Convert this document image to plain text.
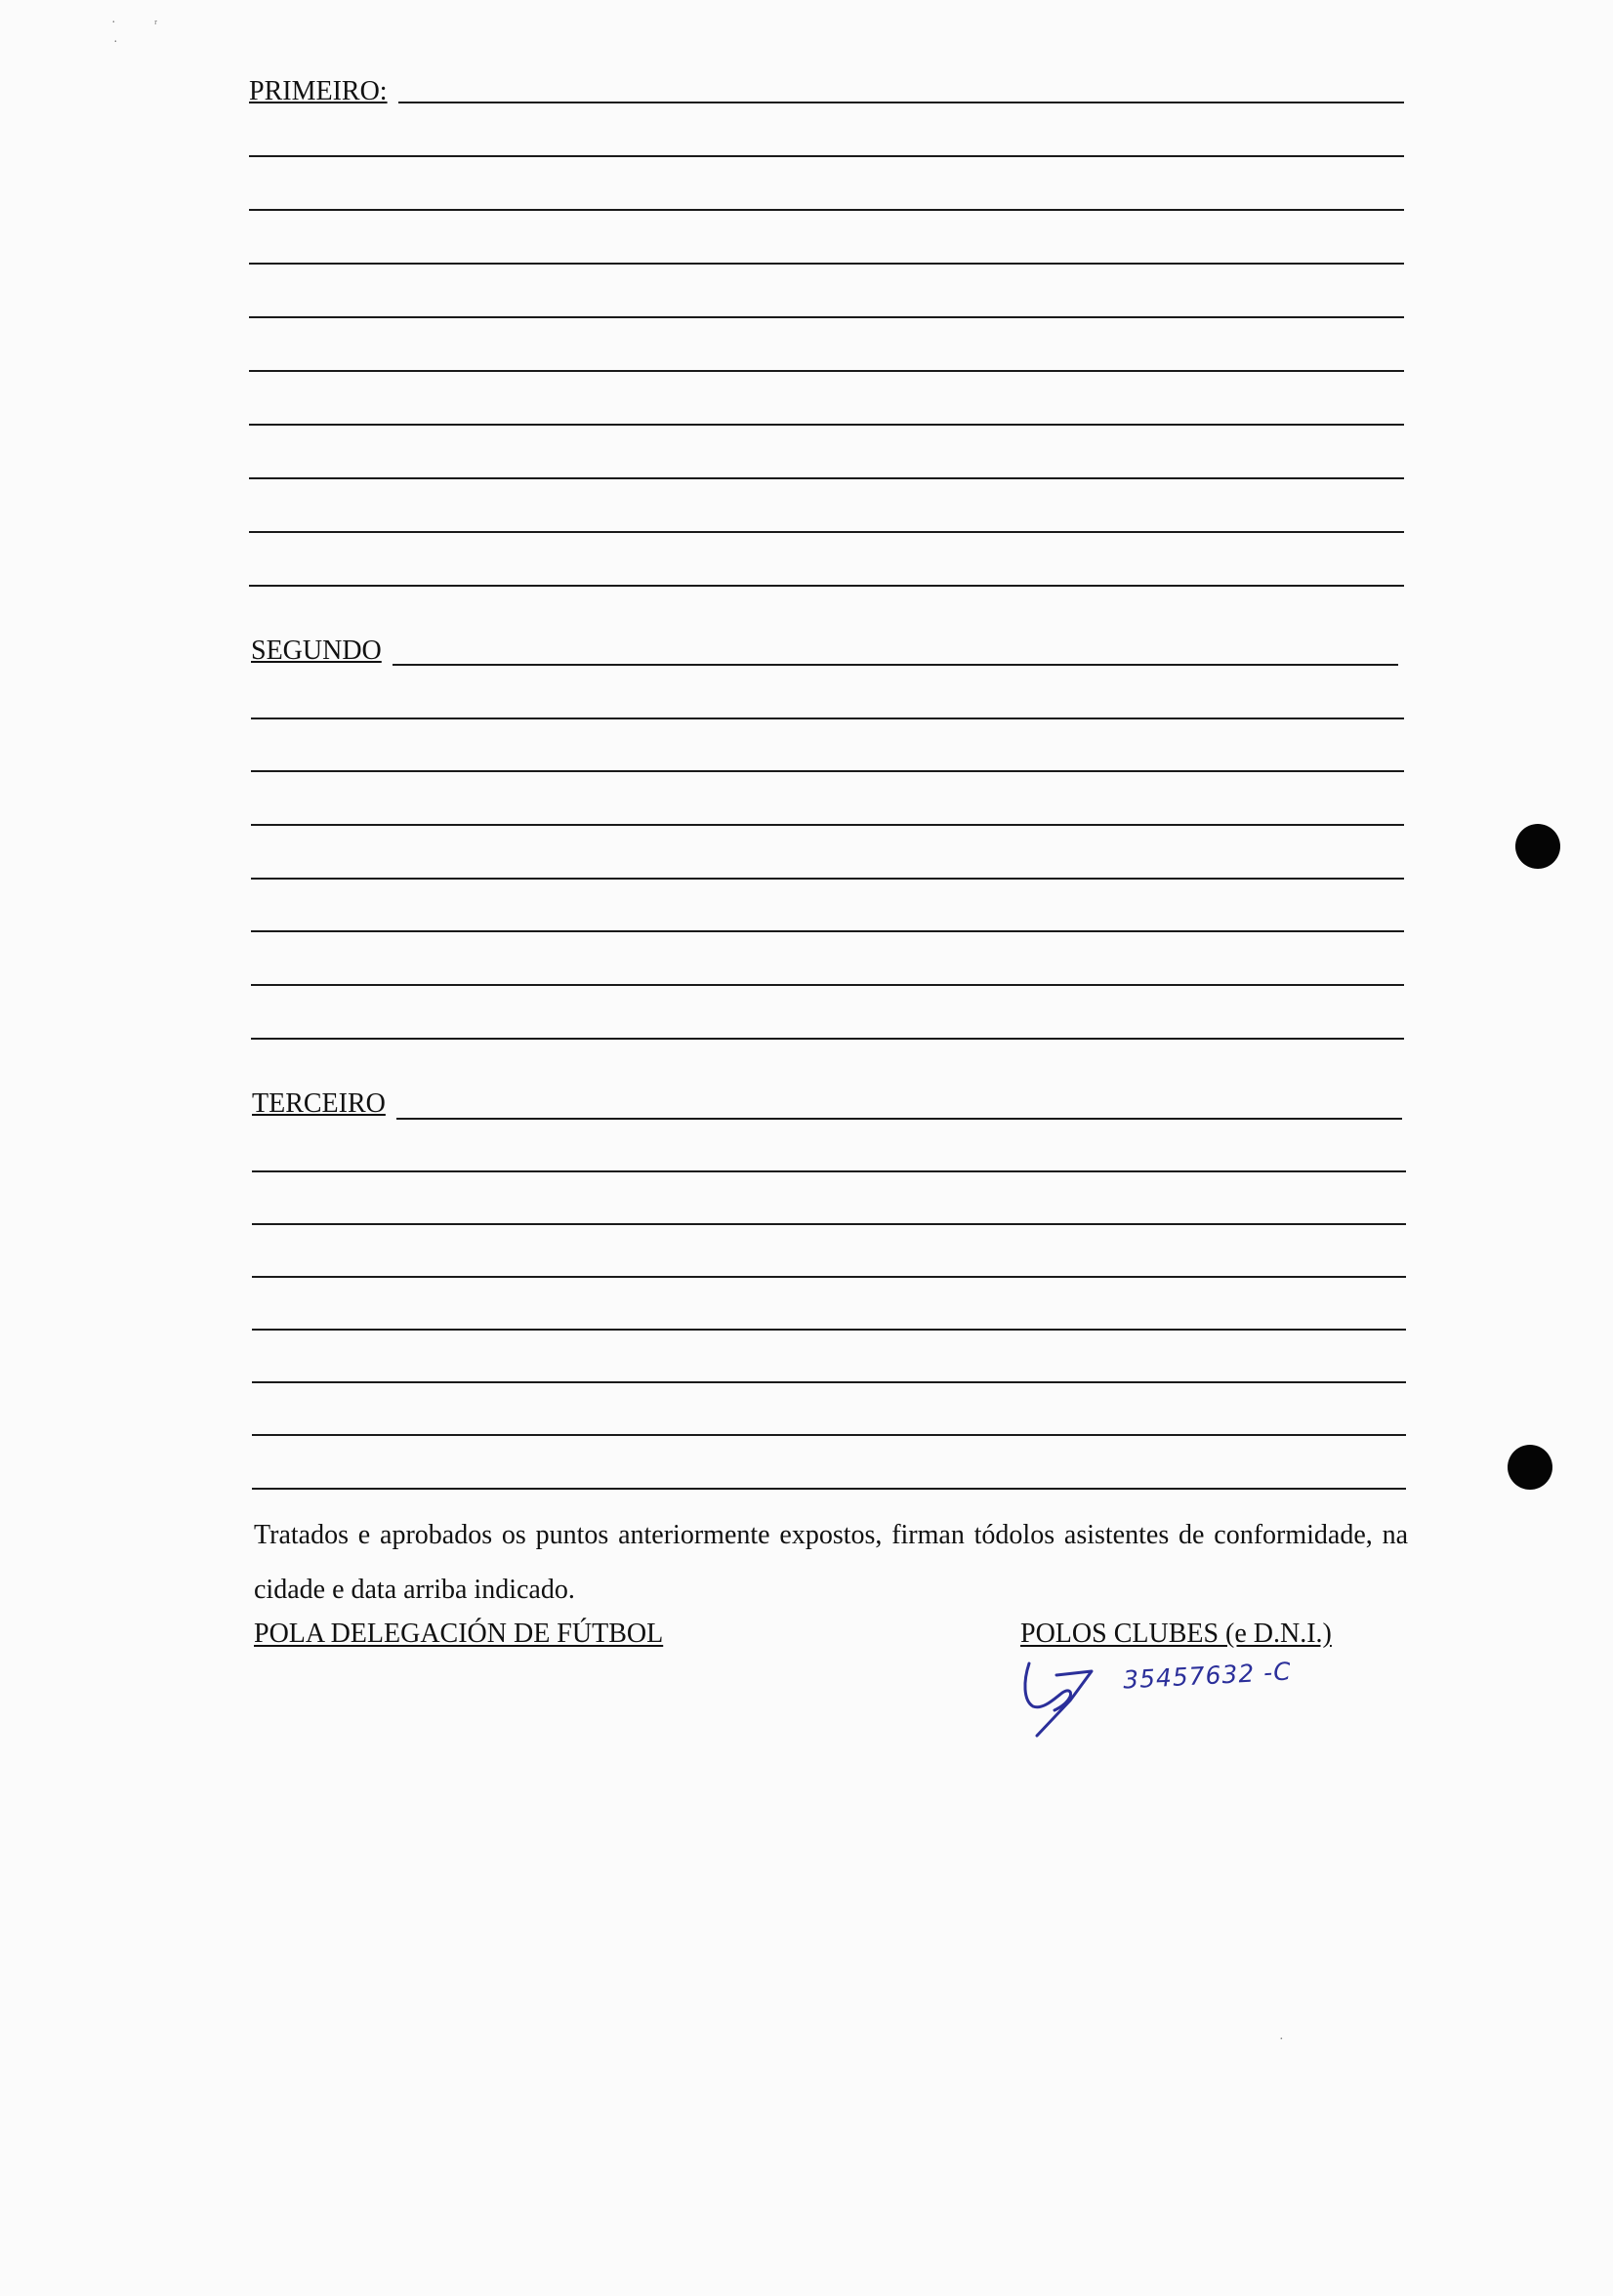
PRIMEIRO:
SEGUNDO
TERCEIRO
Tratados e aprobados os puntos anteriormente expostos, firman tódolos asistentes de conformidade, na cidade e data arriba indicado.
POLA DELEGACIÓN DE FÚTBOL	POLOS CLUBES (e D.N.I.)
35457632 -C
·	ʳ
·
·
